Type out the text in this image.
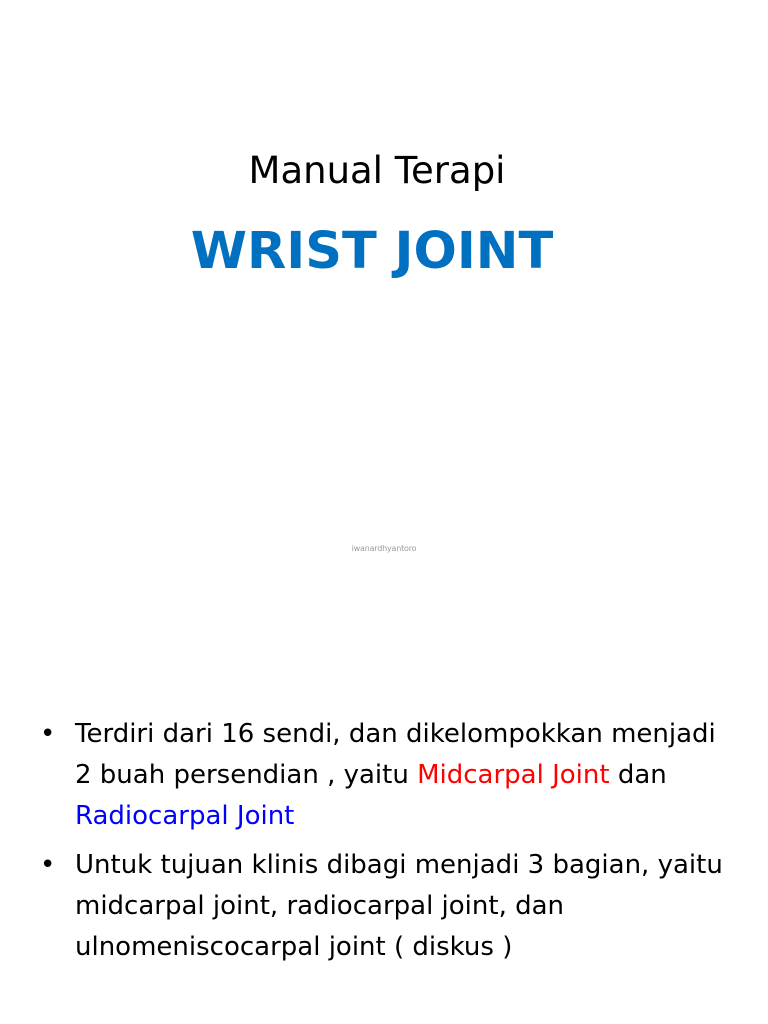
Manual Terapi
WRIST JOINT
iwanardhyantoro
• Terdiri dari 16 sendi, dan dikelompokkan menjadi 2 buah persendian , yaitu Midcarpal Joint dan Radiocarpal Joint
• Untuk tujuan klinis dibagi menjadi 3 bagian, yaitu midcarpal joint, radiocarpal joint, dan ulnomeniscocarpal joint ( diskus )
